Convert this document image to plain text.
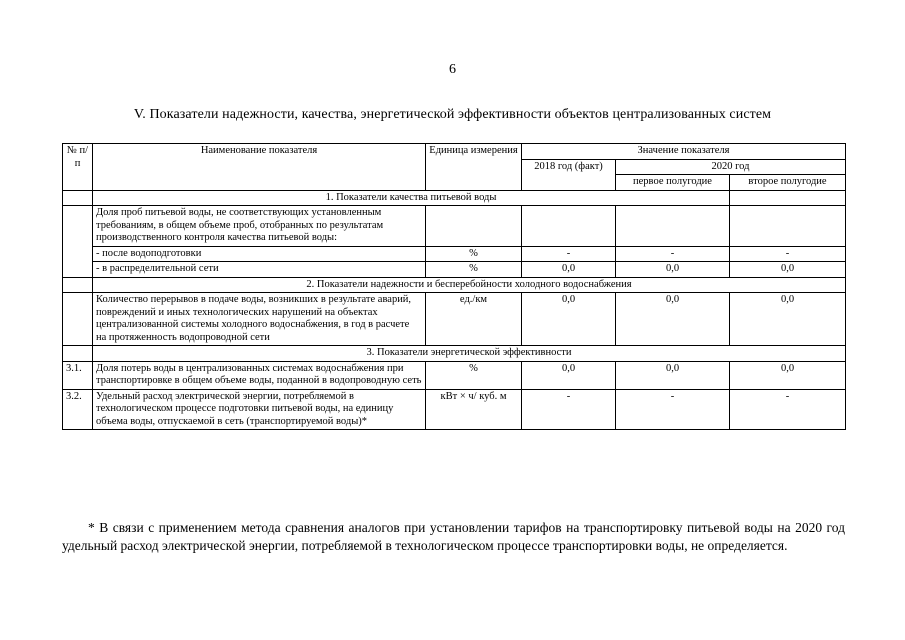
6
V. Показатели надежности, качества, энергетической эффективности объектов централизованных систем
№ п/п	Наименование показателя	Единица измерения	Значение показателя		
			2018 год (факт)	2020 год	
				первое полугодие	второе полугодие
	1. Показатели качества питьевой воды				
	Доля проб питьевой воды, не соответствующих установленным требованиям, в общем объеме проб, отобранных по результатам производственного контроля качества питьевой воды:				
	- после водоподготовки	%	-	-	-
	- в распределительной сети	%	0,0	0,0	0,0
	2. Показатели надежности и бесперебойности холодного водоснабжения				
	Количество перерывов в подаче воды, возникших в результате аварий, повреждений и иных технологических нарушений на объектах централизованной системы холодного водоснабжения, в год в расчете на протяженность водопроводной сети	ед./км	0,0	0,0	0,0
	3. Показатели энергетической эффективности				
3.1.	Доля потерь воды в централизованных системах водоснабжения при транспортировке в общем объеме воды, поданной в водопроводную сеть	%	0,0	0,0	0,0
3.2.	Удельный расход электрической энергии, потребляемой в технологическом процессе подготовки питьевой воды, на единицу объема воды, отпускаемой в сеть (транспортируемой воды)*	кВт × ч/ куб. м	-	-	-
* В связи с применением метода сравнения аналогов при установлении тарифов на транспортировку питьевой воды на 2020 год удельный расход электрической энергии, потребляемой в технологическом процессе транспортировки воды, не определяется.
